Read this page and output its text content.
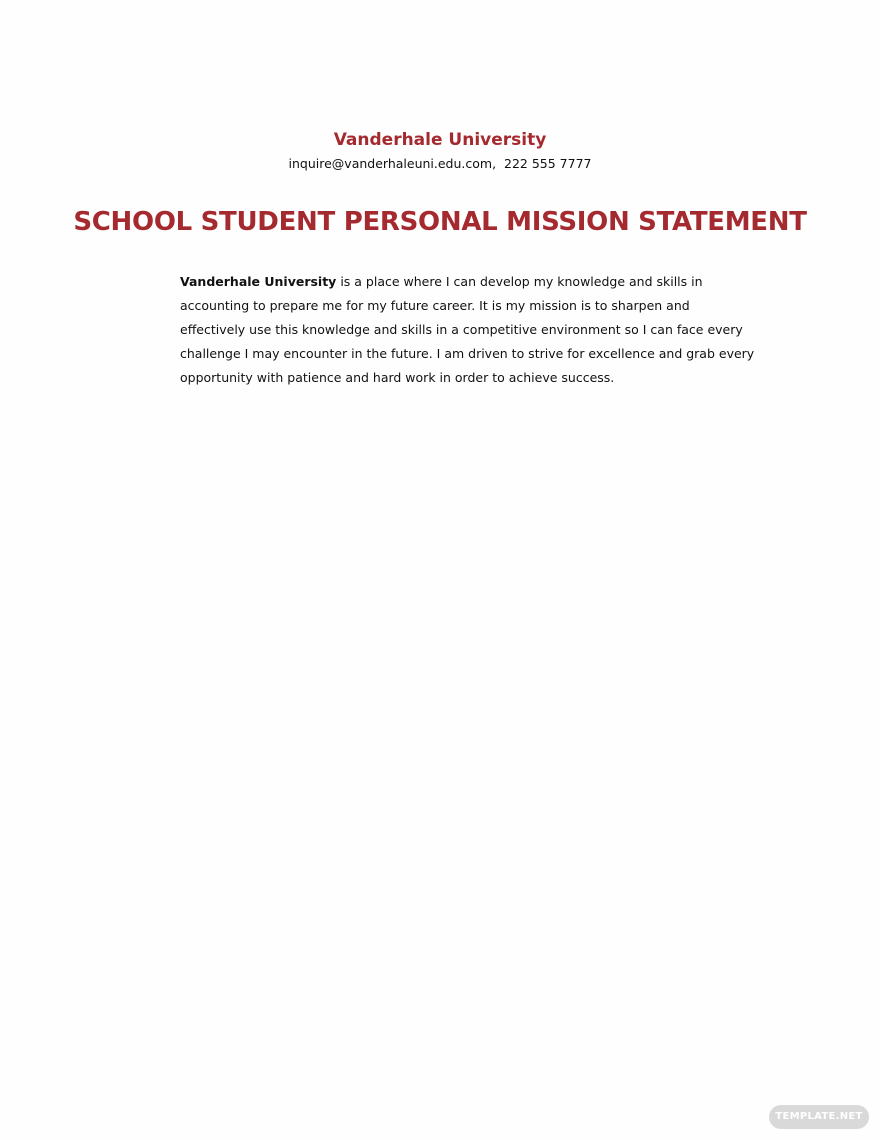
Vanderhale University
inquire@vanderhaleuni.edu.com,  222 555 7777
SCHOOL STUDENT PERSONAL MISSION STATEMENT
Vanderhale University is a place where I can develop my knowledge and skills in
accounting to prepare me for my future career. It is my mission is to sharpen and
effectively use this knowledge and skills in a competitive environment so I can face every
challenge I may encounter in the future. I am driven to strive for excellence and grab every
opportunity with patience and hard work in order to achieve success.
TEMPLATE.NET
